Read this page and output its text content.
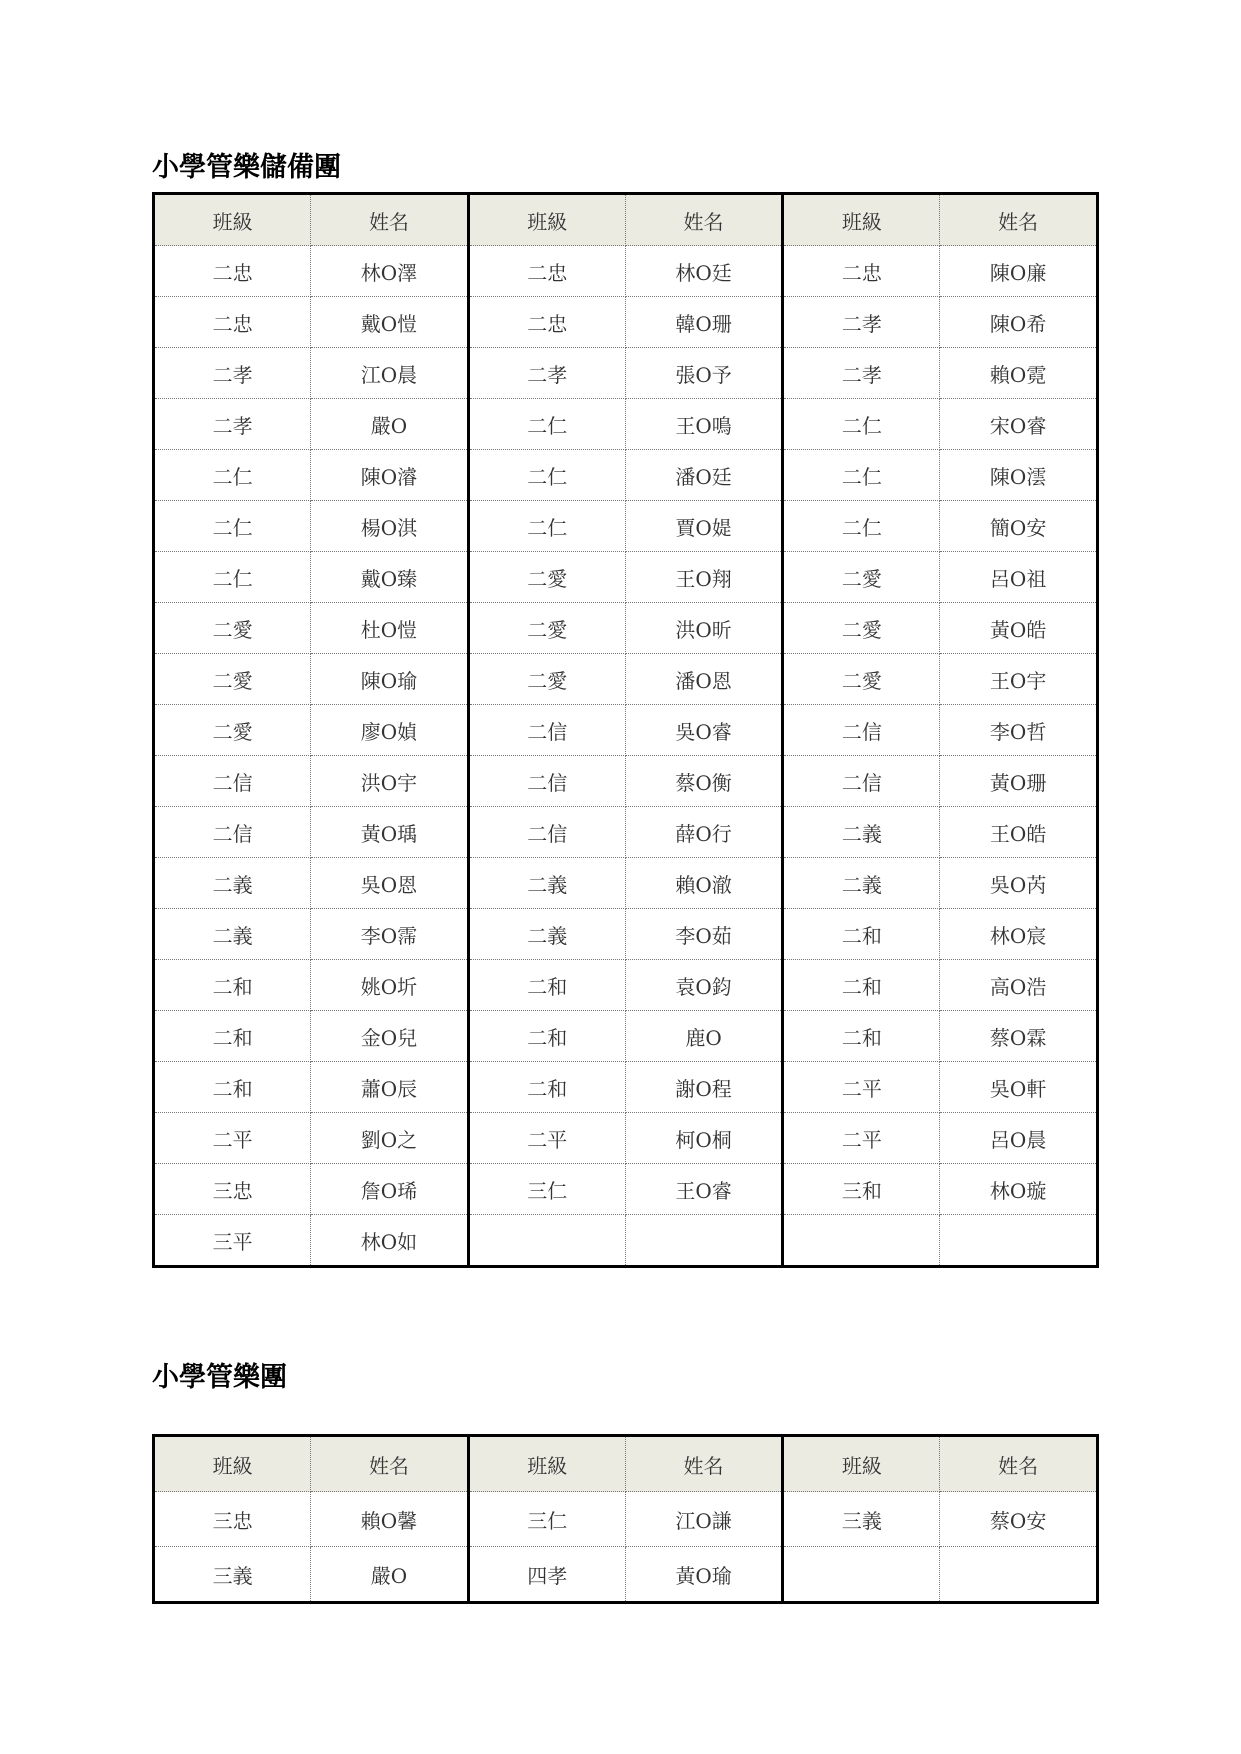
小學管樂儲備團
班級	姓名	班級	姓名	班級	姓名
二忠	林O澤	二忠	林O廷	二忠	陳O廉
二忠	戴O愷	二忠	韓O珊	二孝	陳O希
二孝	江O晨	二孝	張O予	二孝	賴O霓
二孝	嚴O	二仁	王O鳴	二仁	宋O睿
二仁	陳O濬	二仁	潘O廷	二仁	陳O澐
二仁	楊O淇	二仁	賈O媞	二仁	簡O安
二仁	戴O臻	二愛	王O翔	二愛	呂O祖
二愛	杜O愷	二愛	洪O昕	二愛	黃O皓
二愛	陳O瑜	二愛	潘O恩	二愛	王O宇
二愛	廖O媜	二信	吳O睿	二信	李O哲
二信	洪O宇	二信	蔡O衡	二信	黃O珊
二信	黃O瑀	二信	薛O行	二義	王O皓
二義	吳O恩	二義	賴O澈	二義	吳O芮
二義	李O霈	二義	李O茹	二和	林O宸
二和	姚O圻	二和	袁O鈞	二和	高O浩
二和	金O兒	二和	鹿O	二和	蔡O霖
二和	蕭O辰	二和	謝O程	二平	吳O軒
二平	劉O之	二平	柯O桐	二平	呂O晨
三忠	詹O琋	三仁	王O睿	三和	林O璇
三平	林O如				
小學管樂團
班級	姓名	班級	姓名	班級	姓名
三忠	賴O馨	三仁	江O謙	三義	蔡O安
三義	嚴O	四孝	黃O瑜		
